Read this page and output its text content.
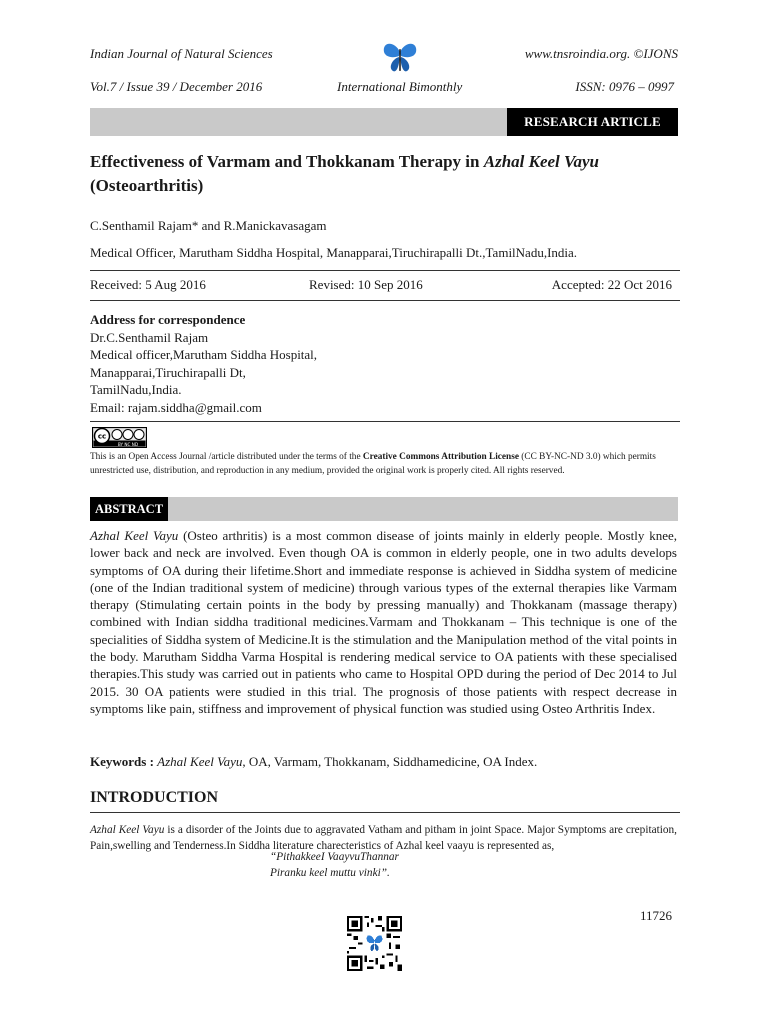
Indian Journal of Natural Sciences	www.tnsroindia.org. ©IJONS
Vol.7 / Issue 39 / December 2016	International Bimonthly	ISSN: 0976 – 0997
RESEARCH ARTICLE
Effectiveness of Varmam and Thokkanam Therapy in Azhal Keel Vayu
(Osteoarthritis)
C.Senthamil Rajam* and R.Manickavasagam
Medical Officer, Marutham Siddha Hospital, Manapparai,Tiruchirapalli Dt.,TamilNadu,India.
Received: 5 Aug 2016	Revised: 10 Sep 2016	Accepted: 22 Oct 2016
Address for correspondence
Dr.C.Senthamil Rajam
Medical officer,Marutham Siddha Hospital,
Manapparai,Tiruchirapalli Dt,
TamilNadu,India.
Email: rajam.siddha@gmail.com
cc
BY NC ND
This is an Open Access Journal /article distributed under the terms of the Creative Commons Attribution License (CC BY-NC-ND 3.0) which permits unrestricted use, distribution, and reproduction in any medium, provided the original work is properly cited. All rights reserved.
ABSTRACT
Azhal Keel Vayu (Osteo arthritis) is a most common disease of joints mainly in elderly people. Mostly knee, lower back and neck are involved. Even though OA is common in elderly people, one in two adults develops symptoms of OA during their lifetime.Short and immediate response is achieved in Siddha system of medicine (one of the Indian traditional system of medicine) through various types of the external therapies like Varmam therapy (Stimulating certain points in the body by pressing manually) and Thokkanam (massage therapy) combined with Indian siddha traditional medicines.Varmam and Thokkanam – This technique is one of the specialities of Siddha system of Medicine.It is the stimulation and the Manipulation method of the vital points in the body. Marutham Siddha Varma Hospital is rendering medical service to OA patients with these specialised therapies.This study was carried out in patients who came to Hospital OPD during the period of Dec 2014 to Jul 2015. 30 OA patients were studied in this trial. The prognosis of those patients with respect decrease in symptoms like pain, stiffness and improvement of physical function was studied using Osteo Arthritis Index.
Keywords : Azhal Keel Vayu, OA, Varmam, Thokkanam, Siddhamedicine, OA Index.
INTRODUCTION
Azhal Keel Vayu is a disorder of the Joints due to aggravated Vatham and pitham in joint Space. Major Symptoms are crepitation, Pain,swelling and Tenderness.In Siddha literature charecteristics of Azhal keel vaayu is represented as,
“PithakkeeI VaayvuThannar
Piranku keel muttu vinki”.
11726
